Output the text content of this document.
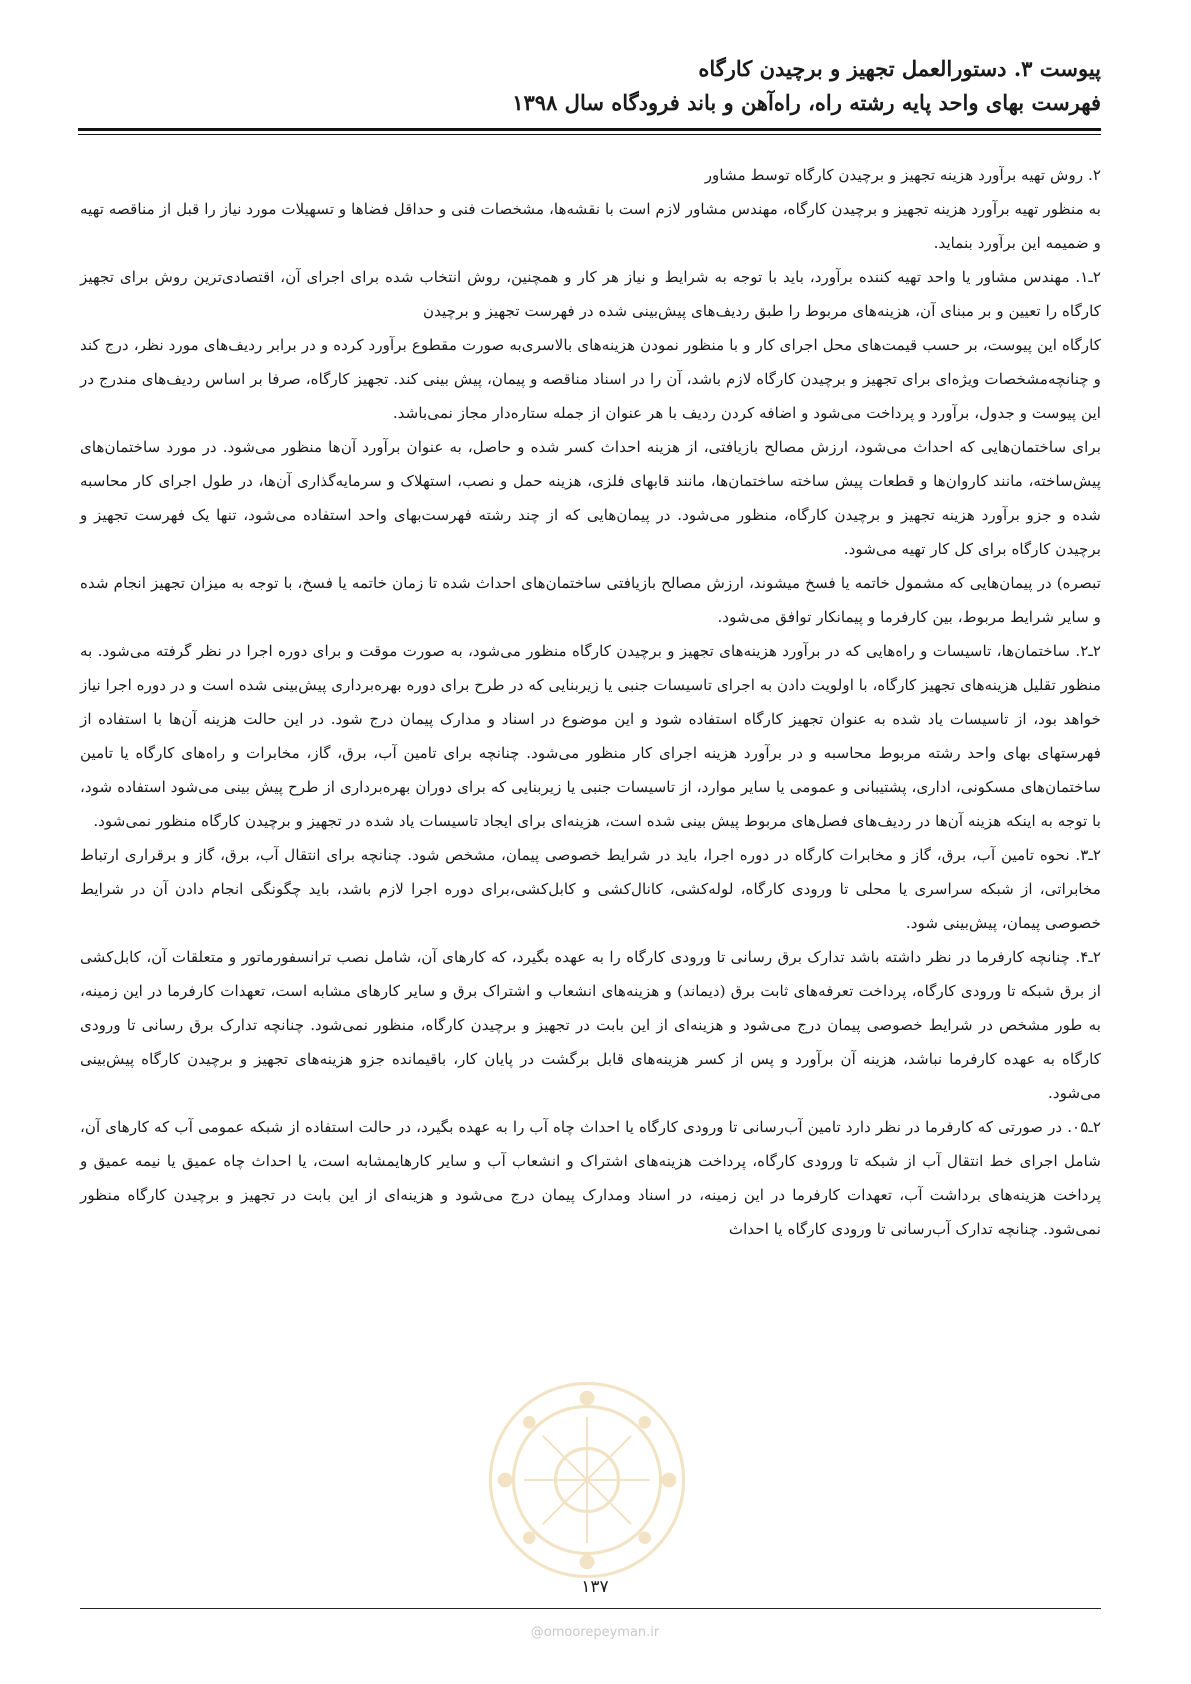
پیوست ۳. دستورالعمل تجهیز و برچیدن کارگاه
فهرست بهای واحد پایه رشته راه، راه‌آهن و باند فرودگاه سال ۱۳۹۸

۲. روش تهیه برآورد هزینه تجهیز و برچیدن کارگاه توسط مشاور

به منظور تهیه برآورد هزینه تجهیز و برچیدن کارگاه، مهندس مشاور لازم است با نقشه‌ها، مشخصات فنی و حداقل فضاها و تسهیلات مورد نیاز را قبل از مناقصه تهیه و ضمیمه این برآورد بنماید.

۲ـ۱. مهندس مشاور یا واحد تهیه کننده برآورد، باید با توجه به شرایط و نیاز هر کار و همچنین، روش انتخاب شده برای اجرای آن، اقتصادی‌ترین روش برای تجهیز کارگاه را تعیین و بر مبنای آن، هزینه‌های مربوط را طبق ردیف‌های پیش‌بینی شده در فهرست تجهیز و برچیدن

کارگاه این پیوست، بر حسب قیمت‌های محل اجرای کار و با منظور نمودن هزینه‌های بالاسری‌به صورت مقطوع برآورد کرده و در برابر ردیف‌های مورد نظر، درج کند و چنانچه‌مشخصات ویژه‌ای برای تجهیز و برچیدن کارگاه لازم باشد، آن را در اسناد مناقصه و پیمان، پیش بینی کند. تجهیز کارگاه، صرفا بر اساس ردیف‌های مندرج در این پیوست و جدول، برآورد و پرداخت می‌شود و اضافه کردن ردیف با هر عنوان از جمله ستاره‌دار مجاز نمی‌باشد.

برای ساختمان‌هایی که احداث می‌شود، ارزش مصالح بازیافتی، از هزینه احداث کسر شده و حاصل، به عنوان برآورد آن‌ها منظور می‌شود. در مورد ساختمان‌های پیش‌ساخته، مانند کاروان‌ها و قطعات پیش ساخته ساختمان‌ها، مانند قابهای فلزی، هزینه حمل و نصب، استهلاک و سرمایه‌گذاری آن‌ها، در طول اجرای کار محاسبه شده و جزو برآورد هزینه تجهیز و برچیدن کارگاه، منظور می‌شود. در پیمان‌هایی که از چند رشته فهرست‌بهای واحد استفاده می‌شود، تنها یک فهرست تجهیز و برچیدن کارگاه برای کل کار تهیه می‌شود.

تبصره) در پیمان‌هایی که مشمول خاتمه یا فسخ میشوند، ارزش مصالح بازیافتی ساختمان‌های احداث شده تا زمان خاتمه یا فسخ، با توجه به میزان تجهیز انجام شده و سایر شرایط مربوط، بین کارفرما و پیمانکار توافق می‌شود.

۲ـ۲. ساختمان‌ها، تاسیسات و راه‌هایی که در برآورد هزینه‌های تجهیز و برچیدن کارگاه منظور می‌شود، به صورت موقت و برای دوره اجرا در نظر گرفته می‌شود. به منظور تقلیل هزینه‌های تجهیز کارگاه، با اولویت دادن به اجرای تاسیسات جنبی یا زیربنایی که در طرح برای دوره بهره‌برداری پیش‌بینی شده است و در دوره اجرا نیاز خواهد بود، از تاسیسات یاد شده به عنوان تجهیز کارگاه استفاده شود و این موضوع در اسناد و مدارک پیمان درج شود. در این حالت هزینه آن‌ها با استفاده از فهرستهای بهای واحد رشته مربوط محاسبه و در برآورد هزینه اجرای کار منظور می‌شود. چنانچه برای تامین آب، برق، گاز، مخابرات و راه‌های کارگاه یا تامین ساختمان‌های مسکونی، اداری، پشتیبانی و عمومی یا سایر موارد، از تاسیسات جنبی یا زیربنایی که برای دوران بهره‌برداری از طرح پیش بینی می‌شود استفاده شود، با توجه به اینکه هزینه آن‌ها در ردیف‌های فصل‌های مربوط پیش بینی شده است، هزینه‌ای برای ایجاد تاسیسات یاد شده در تجهیز و برچیدن کارگاه منظور نمی‌شود.

۲ـ۳. نحوه تامین آب، برق، گاز و مخابرات کارگاه در دوره اجرا، باید در شرایط خصوصی پیمان، مشخص شود. چنانچه برای انتقال آب، برق، گاز و برقراری ارتباط مخابراتی، از شبکه سراسری یا محلی تا ورودی کارگاه، لوله‌کشی، کانال‌کشی و کابل‌کشی،برای دوره اجرا لازم باشد، باید چگونگی انجام دادن آن در شرایط خصوصی پیمان، پیش‌بینی شود.

۲ـ۴. چنانچه کارفرما در نظر داشته باشد تدارک برق رسانی تا ورودی کارگاه را به عهده بگیرد، که کارهای آن، شامل نصب ترانسفورماتور و متعلقات آن، کابل‌کشی از برق شبکه تا ورودی کارگاه، پرداخت تعرفه‌های ثابت برق (دیماند) و هزینه‌های انشعاب و اشتراک برق و سایر کارهای مشابه است، تعهدات کارفرما در این زمینه، به طور مشخص در شرایط خصوصی پیمان درج می‌شود و هزینه‌ای از این بابت در تجهیز و برچیدن کارگاه، منظور نمی‌شود. چنانچه تدارک برق رسانی تا ورودی کارگاه به عهده کارفرما نباشد، هزینه آن برآورد و پس از کسر هزینه‌های قابل برگشت در پایان کار، باقیمانده جزو هزینه‌های تجهیز و برچیدن کارگاه پیش‌بینی می‌شود.

۲ـ۰۵. در صورتی که کارفرما در نظر دارد تامین آب‌رسانی تا ورودی کارگاه یا احداث چاه آب را به عهده بگیرد، در حالت استفاده از شبکه عمومی آب که کارهای آن، شامل اجرای خط انتقال آب از شبکه تا ورودی کارگاه، پرداخت هزینه‌های اشتراک و انشعاب آب و سایر کارهایمشابه است، یا احداث چاه عمیق یا نیمه عمیق و پرداخت هزینه‌های برداشت آب، تعهدات کارفرما در این زمینه، در اسناد ومدارک پیمان درج می‌شود و هزینه‌ای از این بابت در تجهیز و برچیدن کارگاه منظور نمی‌شود. چنانچه تدارک آب‌رسانی تا ورودی کارگاه یا احداث

۱۳۷
@omoorepeyman.ir
